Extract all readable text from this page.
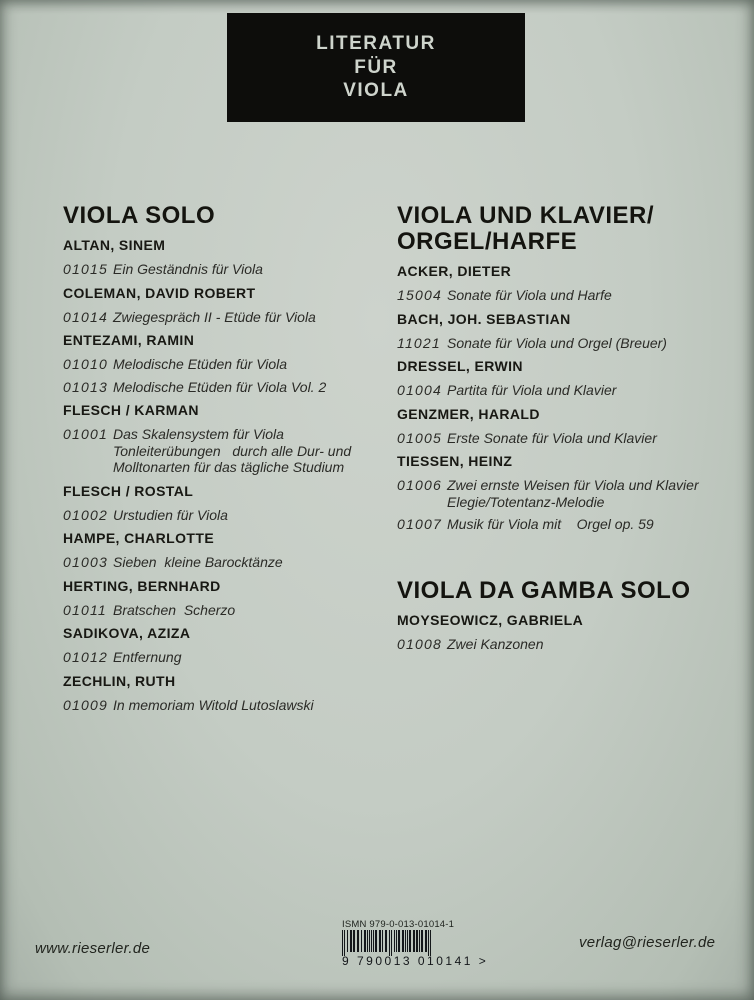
LITERATUR
FÜR
VIOLA
VIOLA SOLO
ALTAN, SINEM
01015 Ein Geständnis für Viola
COLEMAN, DAVID ROBERT
01014 Zwiegespräch II - Etüde für Viola
ENTEZAMI, RAMIN
01010 Melodische Etüden für Viola
01013 Melodische Etüden für Viola Vol. 2
FLESCH / KARMAN
01001 Das Skalensystem für Viola
Tonleiterübungen   durch alle Dur- und
Molltonarten für das tägliche Studium
FLESCH / ROSTAL
01002 Urstudien für Viola
HAMPE, CHARLOTTE
01003 Sieben  kleine Barocktänze
HERTING, BERNHARD
01011 Bratschen  Scherzo
SADIKOVA, AZIZA
01012 Entfernung
ZECHLIN, RUTH
01009 In memoriam Witold Lutoslawski
VIOLA UND KLAVIER/
ORGEL/HARFE
ACKER, DIETER
15004 Sonate für Viola und Harfe
BACH, JOH. SEBASTIAN
11021 Sonate für Viola und Orgel (Breuer)
DRESSEL, ERWIN
01004 Partita für Viola und Klavier
GENZMER, HARALD
01005 Erste Sonate für Viola und Klavier
TIESSEN, HEINZ
01006 Zwei ernste Weisen für Viola und Klavier
Elegie/Totentanz-Melodie
01007 Musik für Viola mit    Orgel op. 59
VIOLA DA GAMBA SOLO
MOYSEOWICZ, GABRIELA
01008 Zwei Kanzonen
www.rieserler.de	verlag@rieserler.de
ISMN 979-0-013-01014-1
9 790013 010141 >
